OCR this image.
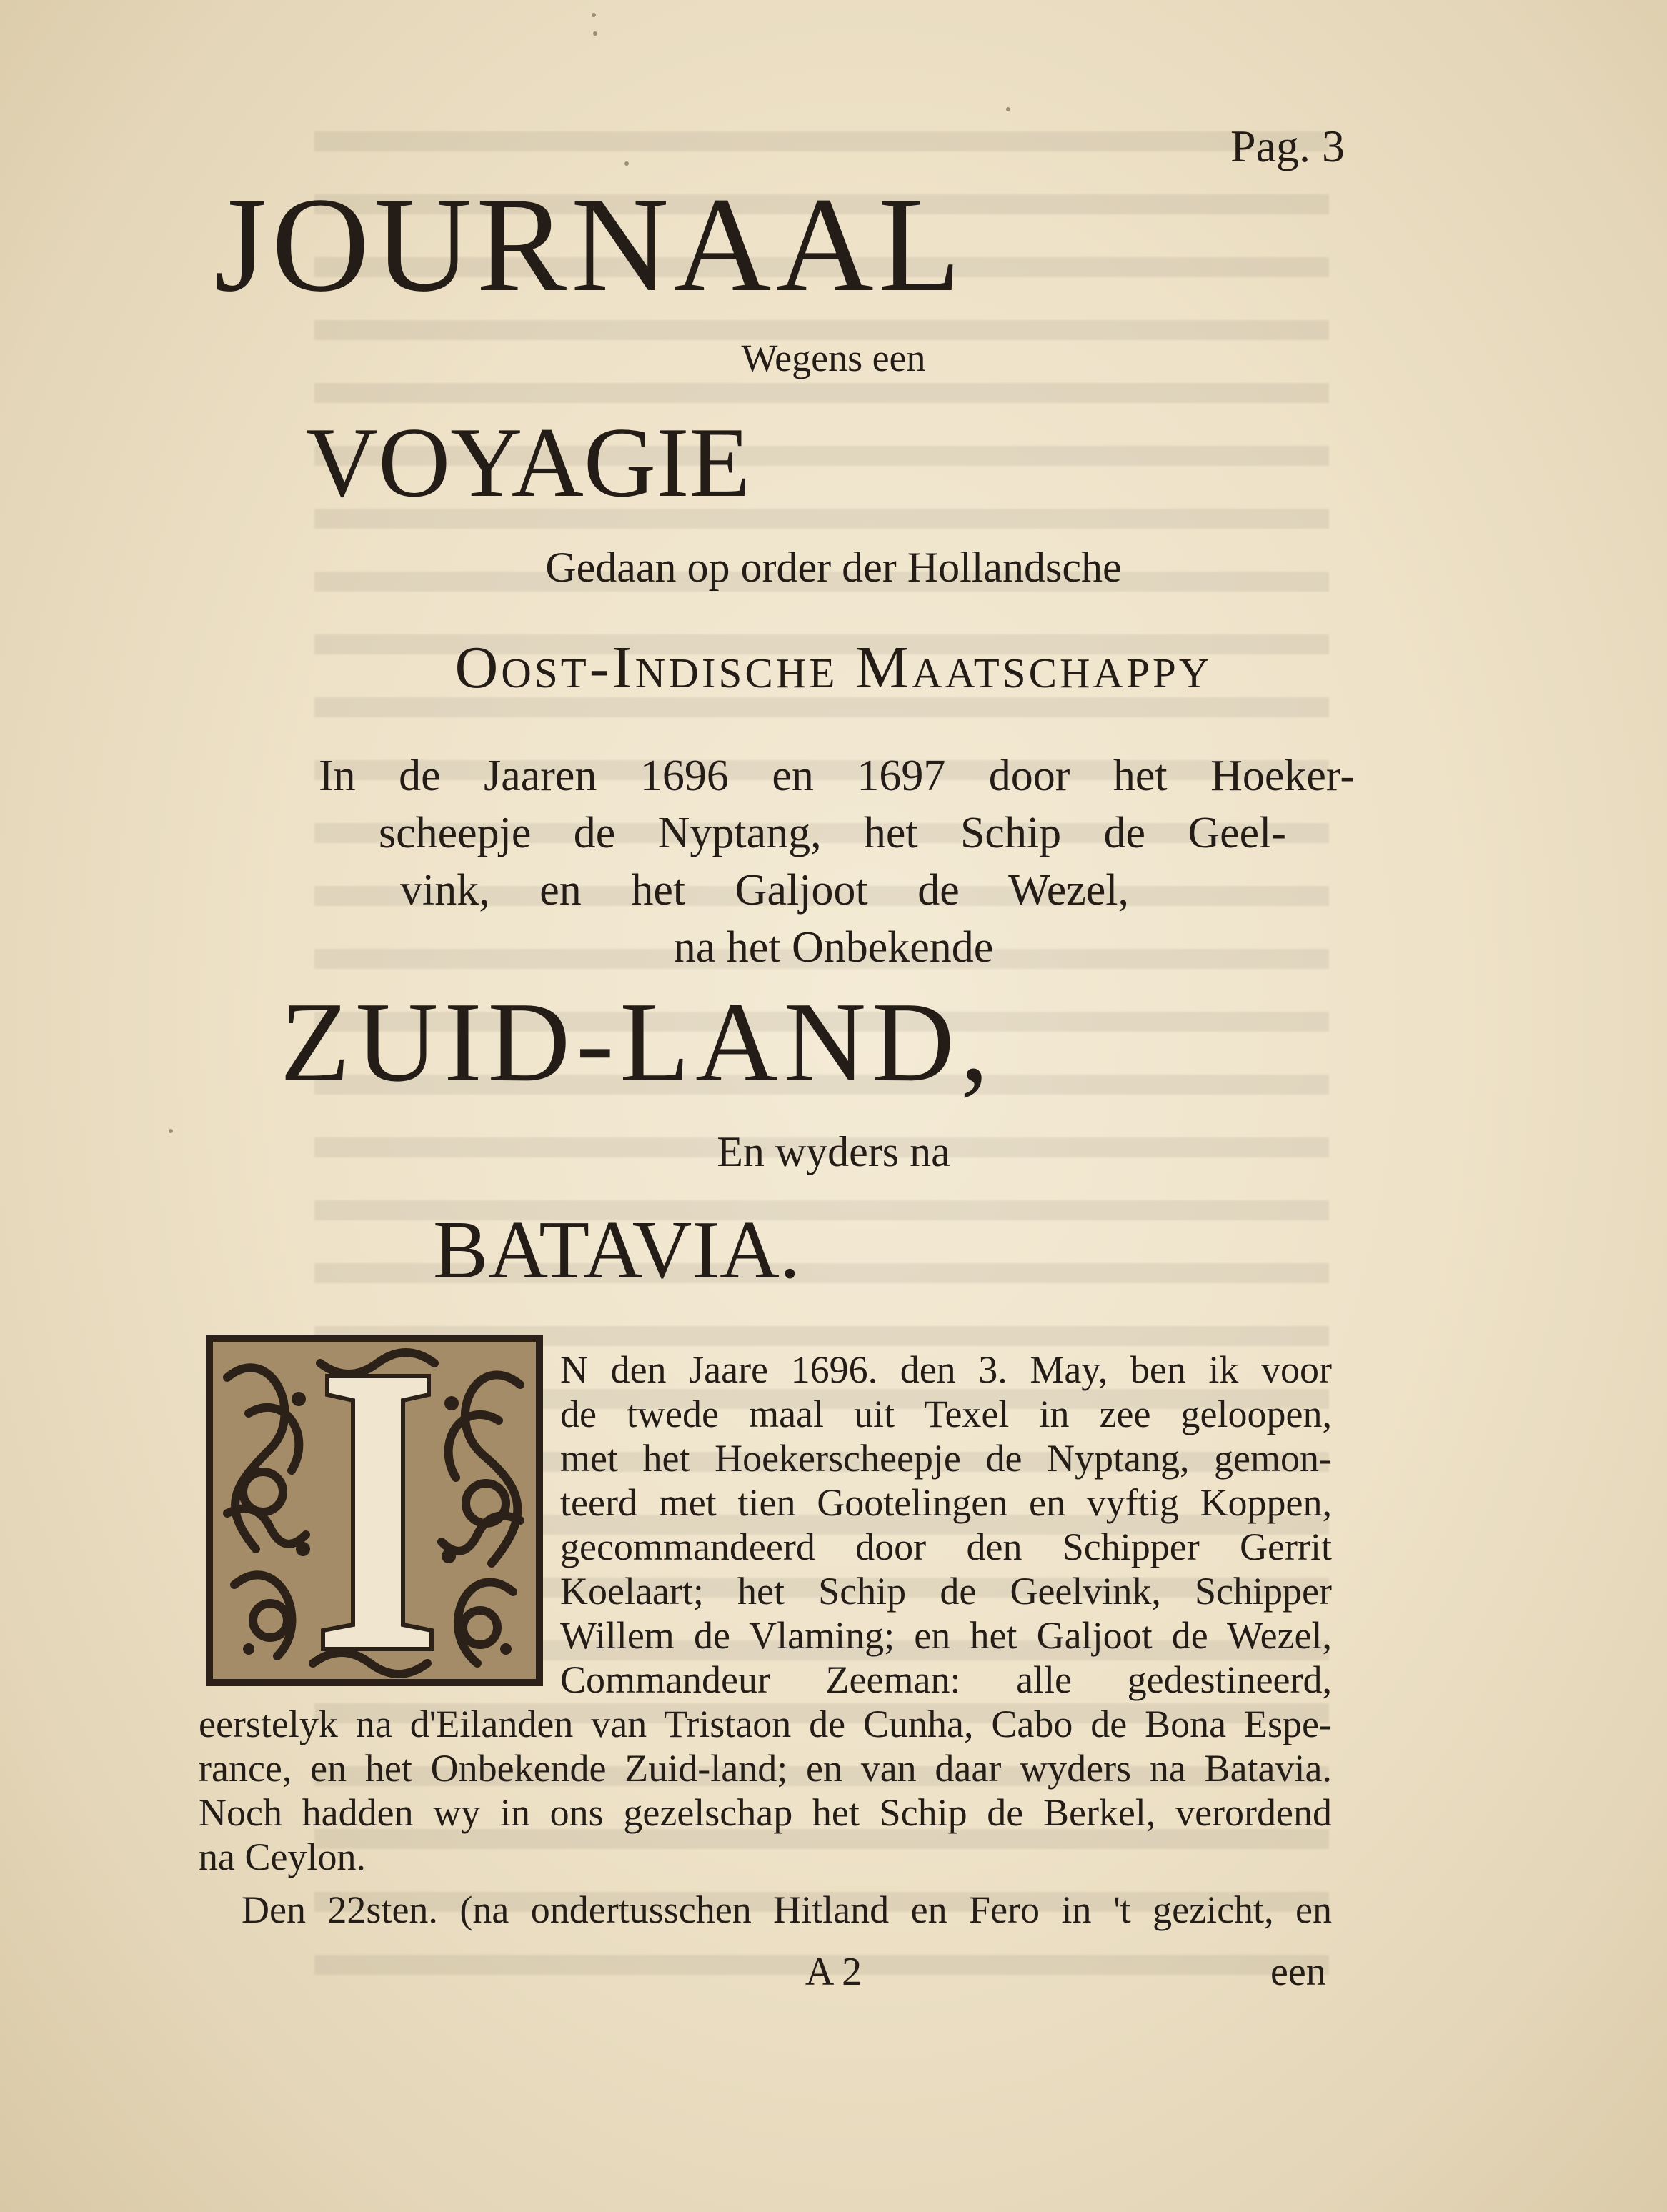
Pag. 3
JOURNAAL
Wegens een
VOYAGIE
Gedaan op order der Hollandsche
Oost-Indische Maatschappy
In de Jaaren 1696 en 1697 door het Hoeker-
scheepje de Nyptang, het Schip de Geel-
vink, en het Galjoot de Wezel,
na het Onbekende
ZUID-LAND,
En wyders na
BATAVIA.
I
N den Jaare 1696. den 3. May, ben ik voor
de twede maal uit Texel in zee geloopen,
met het Hoekerscheepje de Nyptang, gemon-
teerd met tien Gootelingen en vyftig Koppen,
gecommandeerd door den Schipper Gerrit
Koelaart; het Schip de Geelvink, Schipper
Willem de Vlaming; en het Galjoot de Wezel,
Commandeur Zeeman: alle gedestineerd,
eerstelyk na d'Eilanden van Tristaon de Cunha, Cabo de Bona Espe-
rance, en het Onbekende Zuid-land; en van daar wyders na Batavia.
Noch hadden wy in ons gezelschap het Schip de Berkel, verordend
na Ceylon.
Den 22sten. (na ondertusschen Hitland en Fero in 't gezicht, en
A 2	een
